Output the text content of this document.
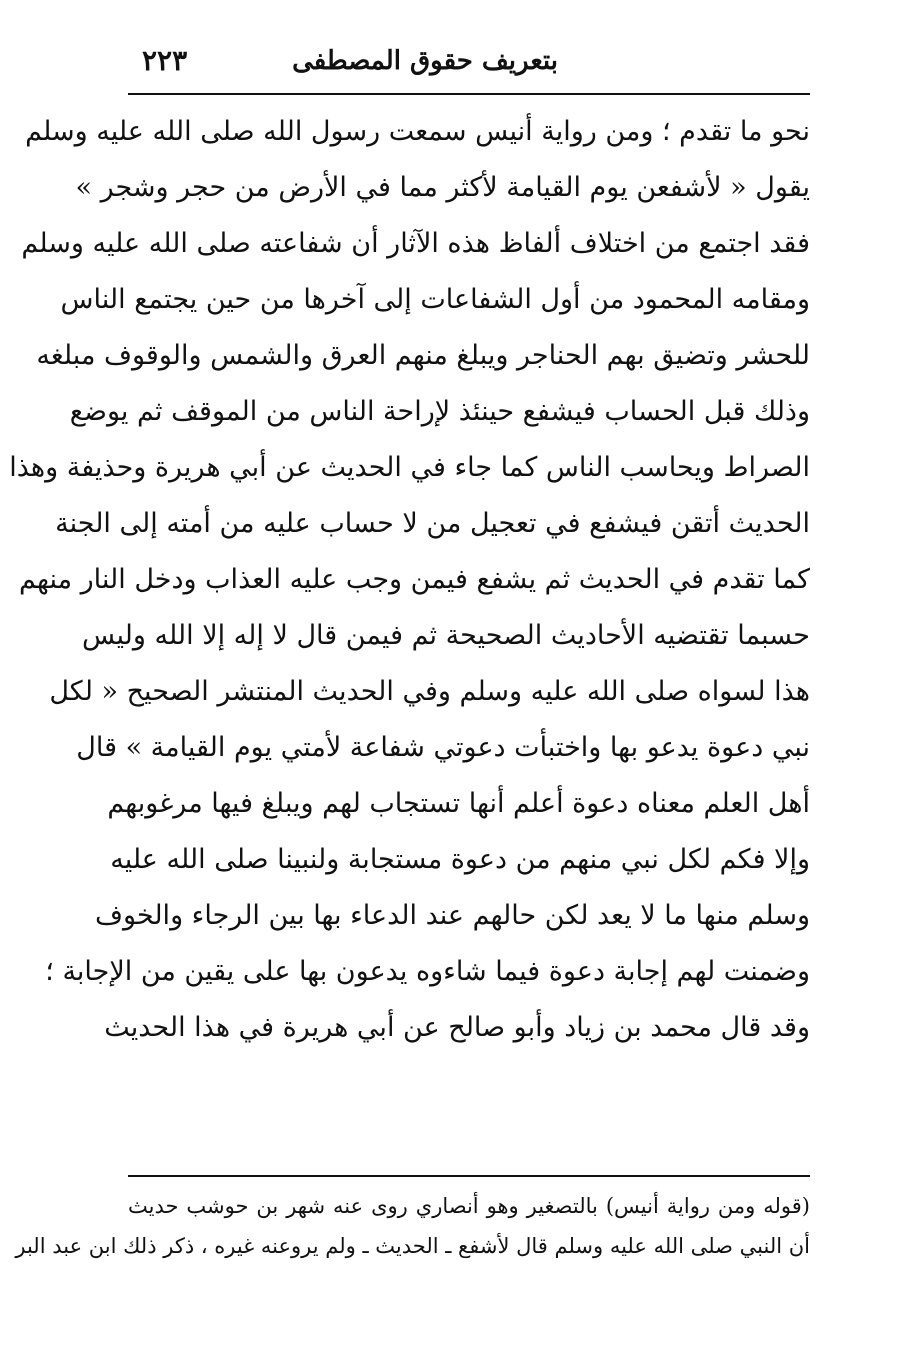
بتعريف حقوق المصطفى
٢٢٣
نحو ما تقدم ؛ ومن رواية أنيس سمعت رسول الله صلى الله عليه وسلم
يقول « لأشفعن يوم القيامة لأكثر مما في الأرض من حجر وشجر »
فقد اجتمع من اختلاف ألفاظ هذه الآثار أن شفاعته صلى الله عليه وسلم
ومقامه المحمود من أول الشفاعات إلى آخرها من حين يجتمع الناس
للحشر وتضيق بهم الحناجر ويبلغ منهم العرق والشمس والوقوف مبلغه
وذلك قبل الحساب فيشفع حينئذ لإراحة الناس من الموقف ثم يوضع
الصراط ويحاسب الناس كما جاء في الحديث عن أبي هريرة وحذيفة وهذا
الحديث أتقن فيشفع في تعجيل من لا حساب عليه من أمته إلى الجنة
كما تقدم في الحديث ثم يشفع فيمن وجب عليه العذاب ودخل النار منهم
حسبما تقتضيه الأحاديث الصحيحة ثم فيمن قال لا إله إلا الله وليس
هذا لسواه صلى الله عليه وسلم وفي الحديث المنتشر الصحيح « لكل
نبي دعوة يدعو بها واختبأت دعوتي شفاعة لأمتي يوم القيامة » قال
أهل العلم معناه دعوة أعلم أنها تستجاب لهم ويبلغ فيها مرغوبهم
وإلا فكم لكل نبي منهم من دعوة مستجابة ولنبينا صلى الله عليه
وسلم منها ما لا يعد لكن حالهم عند الدعاء بها بين الرجاء والخوف
وضمنت لهم إجابة دعوة فيما شاءوه يدعون بها على يقين من الإجابة ؛
وقد قال محمد بن زياد وأبو صالح عن أبي هريرة في هذا الحديث
(قوله ومن رواية أنيس) بالتصغير وهو أنصاري روى عنه شهر بن حوشب حديث
أن النبي صلى الله عليه وسلم قال لأشفع ـ الحديث ـ ولم يروعنه غيره ، ذكر ذلك ابن عبد البر
